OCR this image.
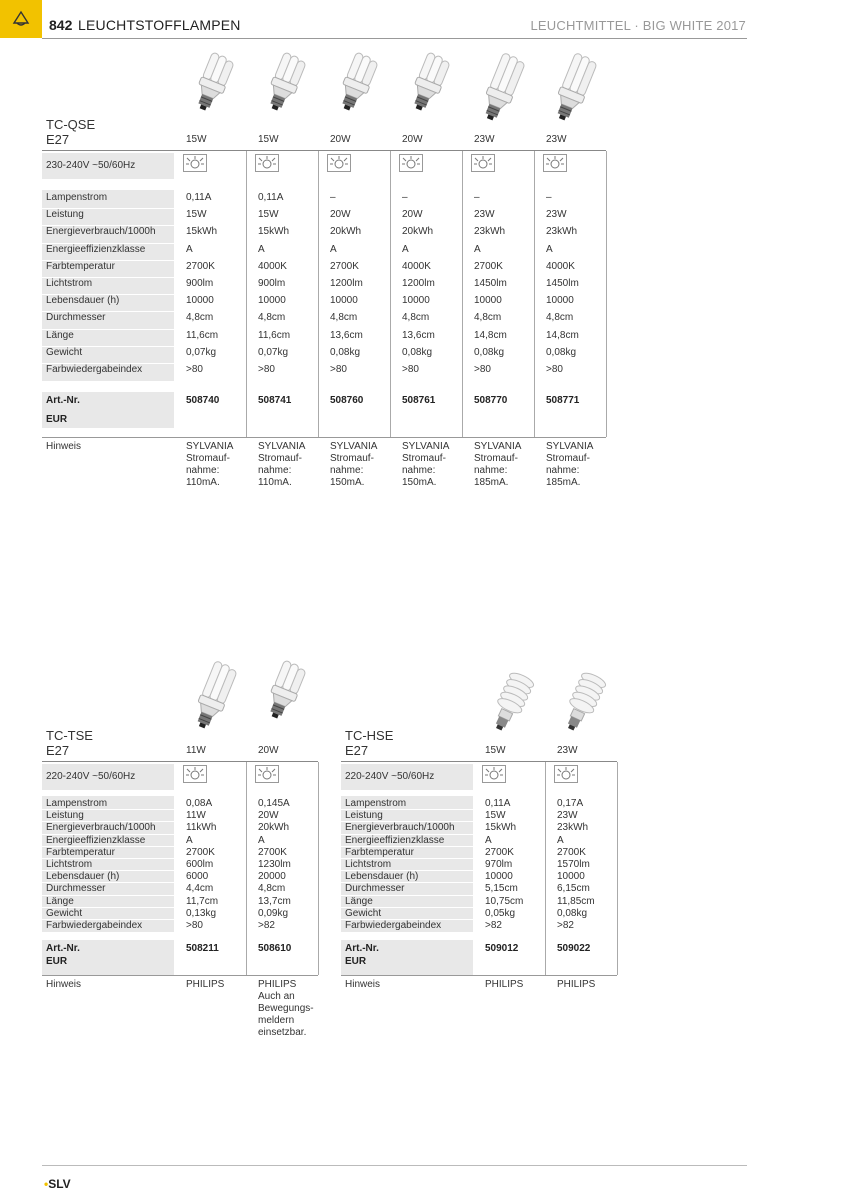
842 LEUCHTSTOFFLAMPEN	LEUCHTMITTEL · BIG WHITE 2017
TC-QSE
E27
230-240V ~50/60Hz
Lampenstrom
Leistung
Energieverbrauch/1000h
Energieeffizienzklasse
Farbtemperatur
Lichtstrom
Lebensdauer (h)
Durchmesser
Länge
Gewicht
Farbwiedergabeindex
Art.-Nr.
EUR
Hinweis
15W
0,11A
15W
15kWh
A
2700K
900lm
10000
4,8cm
11,6cm
0,07kg
>80
508740
SYLVANIA
Stromauf-
nahme:
110mA.
15W
0,11A
15W
15kWh
A
4000K
900lm
10000
4,8cm
11,6cm
0,07kg
>80
508741
SYLVANIA
Stromauf-
nahme:
110mA.
20W
–
20W
20kWh
A
2700K
1200lm
10000
4,8cm
13,6cm
0,08kg
>80
508760
SYLVANIA
Stromauf-
nahme:
150mA.
20W
–
20W
20kWh
A
4000K
1200lm
10000
4,8cm
13,6cm
0,08kg
>80
508761
SYLVANIA
Stromauf-
nahme:
150mA.
23W
–
23W
23kWh
A
2700K
1450lm
10000
4,8cm
14,8cm
0,08kg
>80
508770
SYLVANIA
Stromauf-
nahme:
185mA.
23W
–
23W
23kWh
A
4000K
1450lm
10000
4,8cm
14,8cm
0,08kg
>80
508771
SYLVANIA
Stromauf-
nahme:
185mA.
TC-TSE
E27
220-240V ~50/60Hz
Lampenstrom
Leistung
Energieverbrauch/1000h
Energieeffizienzklasse
Farbtemperatur
Lichtstrom
Lebensdauer (h)
Durchmesser
Länge
Gewicht
Farbwiedergabeindex
Art.-Nr.
EUR
Hinweis
11W
0,08A
11W
11kWh
A
2700K
600lm
6000
4,4cm
11,7cm
0,13kg
>80
508211
PHILIPS
20W
0,145A
20W
20kWh
A
2700K
1230lm
20000
4,8cm
13,7cm
0,09kg
>82
508610
PHILIPS
Auch an
Bewegungs-
meldern
einsetzbar.
TC-HSE
E27
220-240V ~50/60Hz
Lampenstrom
Leistung
Energieverbrauch/1000h
Energieeffizienzklasse
Farbtemperatur
Lichtstrom
Lebensdauer (h)
Durchmesser
Länge
Gewicht
Farbwiedergabeindex
Art.-Nr.
EUR
Hinweis
15W
0,11A
15W
15kWh
A
2700K
970lm
10000
5,15cm
10,75cm
0,05kg
>82
509012
PHILIPS
23W
0,17A
23W
23kWh
A
2700K
1570lm
10000
6,15cm
11,85cm
0,08kg
>82
509022
PHILIPS
•SLV
